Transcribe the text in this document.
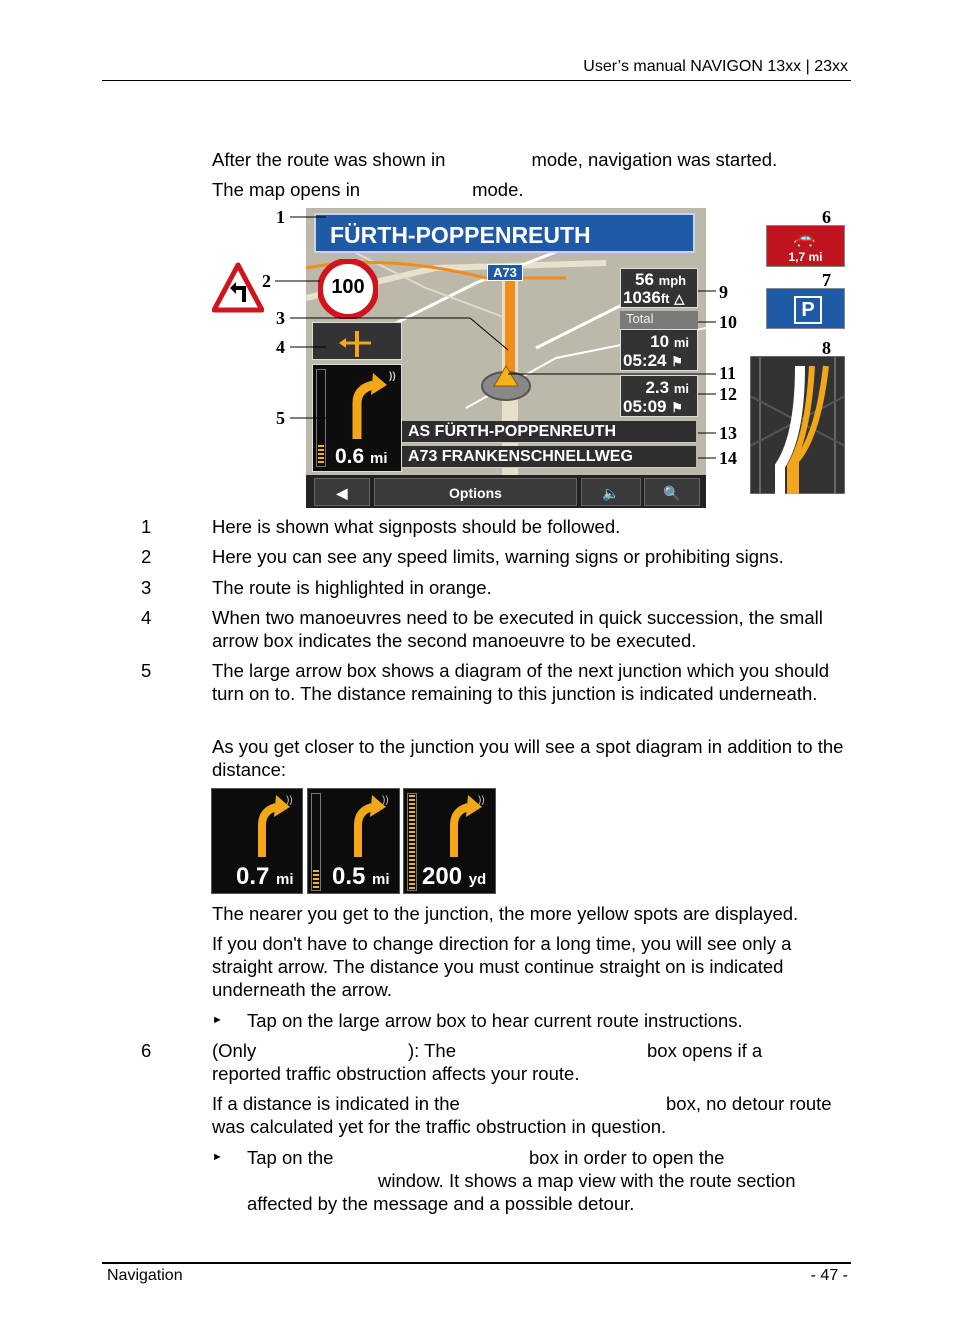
User’s manual NAVIGON 13xx | 23xx
After the route was shown in	mode, navigation was started.
The map opens in	mode.
FÜRTH-POPPENREUTH
100
A73	56 mph
1036ft △
Total
10 mi
05:24 ⚑
2.3 mi
05:09 ⚑
))
0.6 mi
AS FÜRTH-POPPENREUTH
A73 FRANKENSCHNELLWEG
◀	Options	🔈	🔍
🚗
1,7 mi
P
1
2
3
4
5
6
7
8
9
10
11
12
13
14
1	Here is shown what signposts should be followed.
2	Here you can see any speed limits, warning signs or prohibiting signs.
3	The route is highlighted in orange.
4	When two manoeuvres need to be executed in quick succession, the small arrow box indicates the second manoeuvre to be executed.
5	The large arrow box shows a diagram of the next junction which you should turn on to. The distance remaining to this junction is indicated underneath.
As you get closer to the junction you will see a spot diagram in addition to the distance:
))
0.7 mi
))
0.5 mi
))
200 yd
The nearer you get to the junction, the more yellow spots are displayed.
If you don't have to change direction for a long time, you will see only a straight arrow. The distance you must continue straight on is indicated underneath the arrow.
► Tap on the large arrow box to hear current route instructions.
6	(Only	): The	box opens if a
reported traffic obstruction affects your route.
If a distance is indicated in the	box, no detour route
was calculated yet for the traffic obstruction in question.
► Tap on the	box in order to open the
window. It shows a map view with the route section
affected by the message and a possible detour.
Navigation	- 47 -
